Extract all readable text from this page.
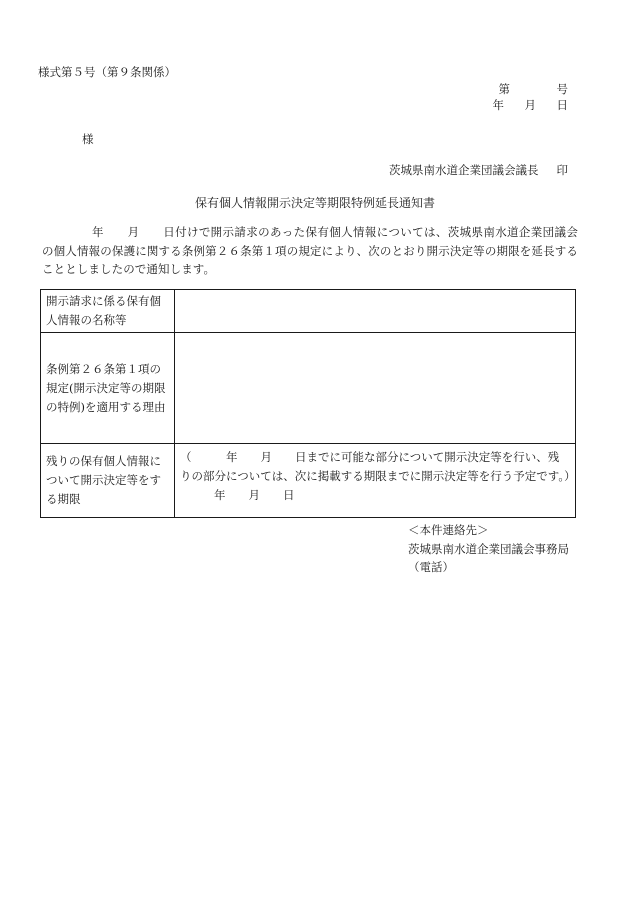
様式第５号（第９条関係）
第	号
年 月 日
様
茨城県南水道企業団議会議長 印
保有個人情報開示決定等期限特例延長通知書
年　　月　　日付けで開示請求のあった保有個人情報については、茨城県南水道企業団議会の個人情報の保護に関する条例第２６条第１項の規定により、次のとおり開示決定等の期限を延長することとしましたので通知します。
開示請求に係る保有個人情報の名称等	
条例第２６条第１項の規定(開示決定等の期限の特例)を適用する理由	
残りの保有個人情報について開示決定等をする期限	（　　　年　　月　　日までに可能な部分について開示決定等を行い、残りの部分については、次に掲載する期限までに開示決定等を行う予定です。）
年　　月　　日
＜本件連絡先＞
茨城県南水道企業団議会事務局
（電話）
